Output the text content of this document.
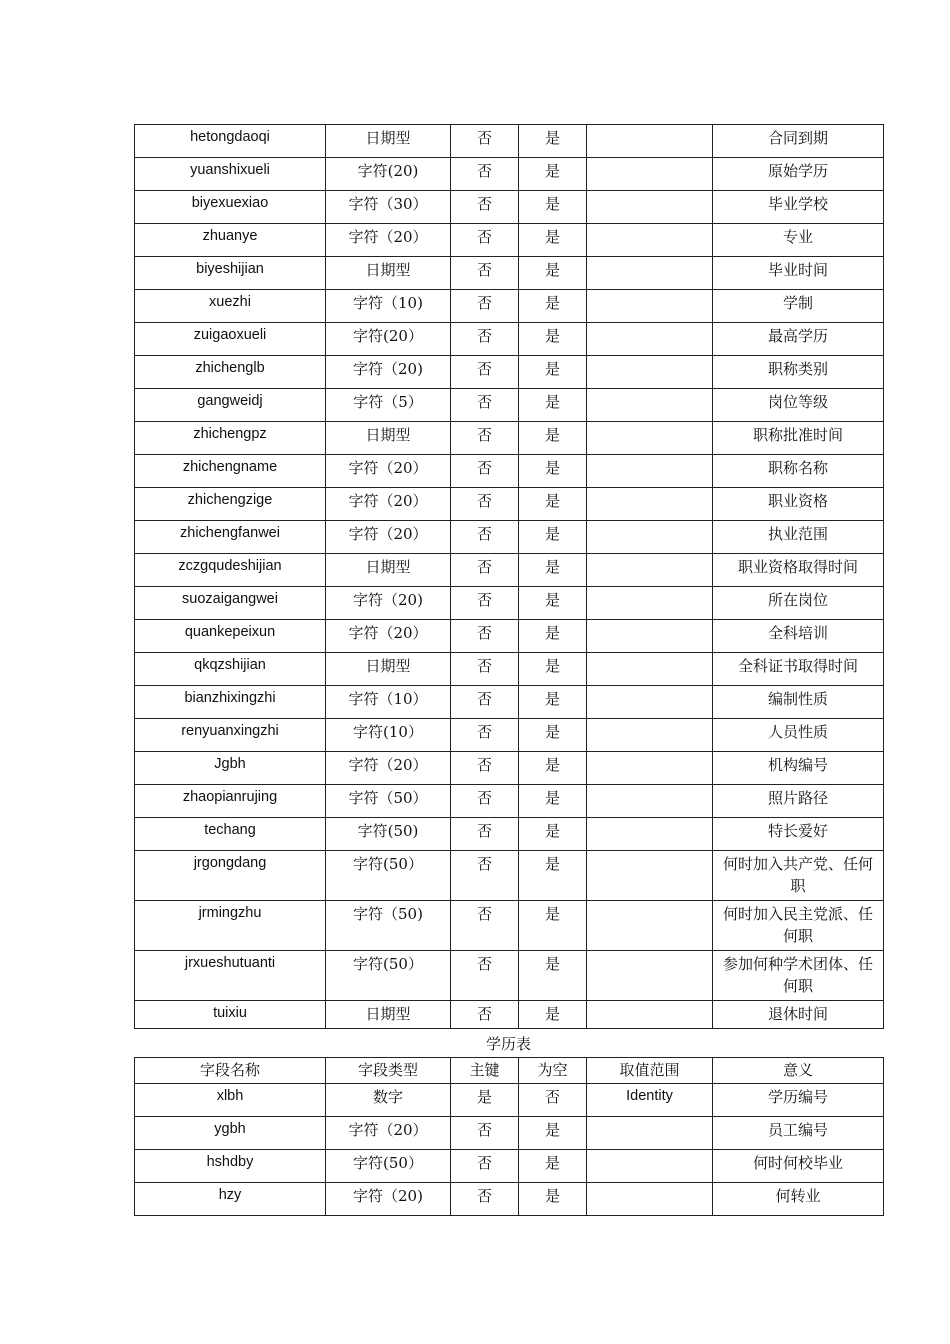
hetongdaoqi	日期型	否	是		合同到期
yuanshixueli	字符(20)	否	是		原始学历
biyexuexiao	字符（30）	否	是		毕业学校
zhuanye	字符（20）	否	是		专业
biyeshijian	日期型	否	是		毕业时间
xuezhi	字符（10)	否	是		学制
zuigaoxueli	字符(20）	否	是		最高学历
zhichenglb	字符（20)	否	是		职称类别
gangweidj	字符（5）	否	是		岗位等级
zhichengpz	日期型	否	是		职称批准时间
zhichengname	字符（20）	否	是		职称名称
zhichengzige	字符（20）	否	是		职业资格
zhichengfanwei	字符（20）	否	是		执业范围
zczgqudeshijian	日期型	否	是		职业资格取得时间
suozaigangwei	字符（20)	否	是		所在岗位
quankepeixun	字符（20）	否	是		全科培训
qkqzshijian	日期型	否	是		全科证书取得时间
bianzhixingzhi	字符（10）	否	是		编制性质
renyuanxingzhi	字符(10）	否	是		人员性质
Jgbh	字符（20）	否	是		机构编号
zhaopianrujing	字符（50）	否	是		照片路径
techang	字符(50)	否	是		特长爱好
jrgongdang	字符(50）	否	是		何时加入共产党、任何职
jrmingzhu	字符（50)	否	是		何时加入民主党派、任何职
jrxueshutuanti	字符(50）	否	是		参加何种学术团体、任何职
tuixiu	日期型	否	是		退休时间
学历表
字段名称	字段类型	主键	为空	取值范围	意义
xlbh	数字	是	否	Identity	学历编号
ygbh	字符（20）	否	是		员工编号
hshdby	字符(50）	否	是		何时何校毕业
hzy	字符（20)	否	是		何转业
